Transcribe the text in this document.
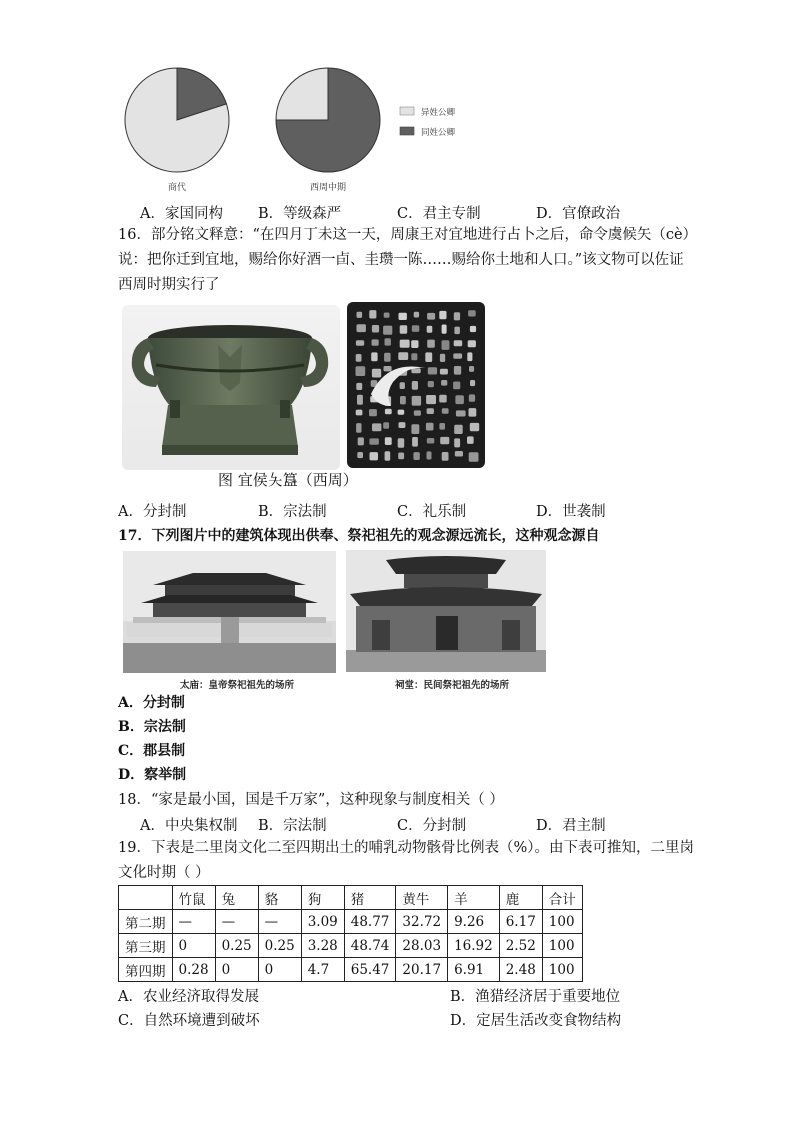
商代	西周中期
异姓公卿
同姓公卿
A．家国同构 B．等级森严	C．君主专制	D．官僚政治
16．部分铭文释意：“在四月丁未这一天，周康王对宜地进行占卜之后，命令虞候矢（cè）
说：把你迁到宜地，赐给你好酒一卣、圭瓒一陈……赐给你土地和人口。”该文物可以佐证
西周时期实行了
图 宜侯夨簋（西周）
A．分封制	B．宗法制	C．礼乐制	D．世袭制
17．下列图片中的建筑体现出供奉、祭祀祖先的观念源远流长，这种观念源自
太庙：皇帝祭祀祖先的场所	祠堂：民间祭祀祖先的场所
A．分封制
B．宗法制
C．郡县制
D．察举制
18．“家是最小国，国是千万家”，这种现象与制度相关（ ）
A．中央集权制 B．宗法制	C．分封制	D．君主制
19．下表是二里岗文化二至四期出土的哺乳动物骸骨比例表（%）。由下表可推知，二里岗
文化时期（ ）
	竹鼠	兔	貉	狗	猪	黄牛	羊	鹿	合计
第二期	—	—	—	3.09	48.77	32.72	9.26	6.17	100
第三期	0	0.25	0.25	3.28	48.74	28.03	16.92	2.52	100
第四期	0.28	0	0	4.7	65.47	20.17	6.91	2.48	100
A．农业经济取得发展	B．渔猎经济居于重要地位
C．自然环境遭到破坏	D．定居生活改变食物结构
